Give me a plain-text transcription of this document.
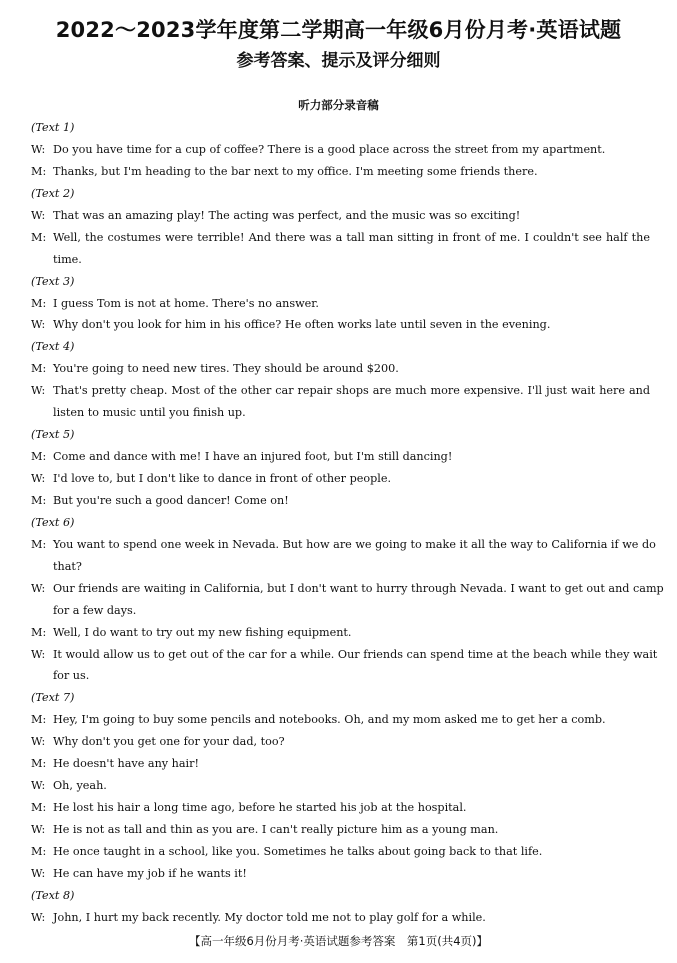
2022～2023学年度第二学期高一年级6月份月考·英语试题
参考答案、提示及评分细则
听力部分录音稿
(Text 1)
W: Do you have time for a cup of coffee? There is a good place across the street from my apartment.
M: Thanks, but I'm heading to the bar next to my office. I'm meeting some friends there.
(Text 2)
W: That was an amazing play! The acting was perfect, and the music was so exciting!
M: Well, the costumes were terrible! And there was a tall man sitting in front of me. I couldn't see half the
time.
(Text 3)
M: I guess Tom is not at home. There's no answer.
W: Why don't you look for him in his office? He often works late until seven in the evening.
(Text 4)
M: You're going to need new tires. They should be around $200.
W: That's pretty cheap. Most of the other car repair shops are much more expensive. I'll just wait here and
listen to music until you finish up.
(Text 5)
M: Come and dance with me! I have an injured foot, but I'm still dancing!
W: I'd love to, but I don't like to dance in front of other people.
M: But you're such a good dancer! Come on!
(Text 6)
M: You want to spend one week in Nevada. But how are we going to make it all the way to California if we do
that?
W: Our friends are waiting in California, but I don't want to hurry through Nevada. I want to get out and camp
for a few days.
M: Well, I do want to try out my new fishing equipment.
W: It would allow us to get out of the car for a while. Our friends can spend time at the beach while they wait
for us.
(Text 7)
M: Hey, I'm going to buy some pencils and notebooks. Oh, and my mom asked me to get her a comb.
W: Why don't you get one for your dad, too?
M: He doesn't have any hair!
W: Oh, yeah.
M: He lost his hair a long time ago, before he started his job at the hospital.
W: He is not as tall and thin as you are. I can't really picture him as a young man.
M: He once taught in a school, like you. Sometimes he talks about going back to that life.
W: He can have my job if he wants it!
(Text 8)
W: John, I hurt my back recently. My doctor told me not to play golf for a while.
【高一年级6月份月考·英语试题参考答案　第1页(共4页)】
